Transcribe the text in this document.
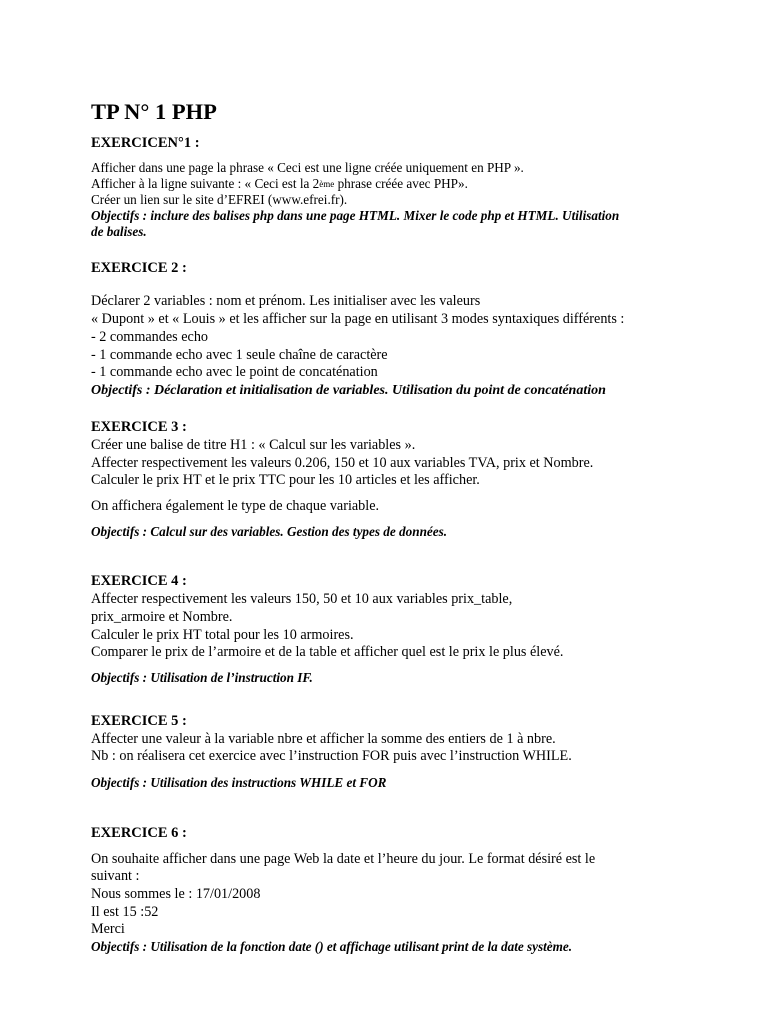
TP N° 1 PHP
EXERCICEN°1 :
Afficher dans une page la phrase « Ceci est une ligne créée uniquement en PHP ».
Afficher à la ligne suivante : « Ceci est la 2ème phrase créée avec PHP».
Créer un lien sur le site d’EFREI (www.efrei.fr).
Objectifs : inclure des balises php dans une page HTML. Mixer le code php et HTML. Utilisation
de balises.
EXERCICE 2 :
Déclarer 2 variables : nom et prénom. Les initialiser avec les valeurs
« Dupont » et « Louis » et les afficher sur la page en utilisant 3 modes syntaxiques différents :
- 2 commandes echo
- 1 commande echo avec 1 seule chaîne de caractère
- 1 commande echo avec le point de concaténation
Objectifs : Déclaration et initialisation de variables. Utilisation du point de concaténation
EXERCICE 3 :
Créer une balise de titre H1 : « Calcul sur les variables ».
Affecter respectivement les valeurs 0.206, 150 et 10 aux variables TVA, prix et Nombre.
Calculer le prix HT et le prix TTC pour les 10 articles et les afficher.
On affichera également le type de chaque variable.
Objectifs : Calcul sur des variables. Gestion des types de données.
EXERCICE 4 :
Affecter respectivement les valeurs 150, 50 et 10 aux variables prix_table,
prix_armoire et Nombre.
Calculer le prix HT total pour les 10 armoires.
Comparer le prix de l’armoire et de la table et afficher quel est le prix le plus élevé.
Objectifs : Utilisation de l’instruction IF.
EXERCICE 5 :
Affecter une valeur à la variable nbre et afficher la somme des entiers de 1 à nbre.
Nb : on réalisera cet exercice avec l’instruction FOR puis avec l’instruction WHILE.
Objectifs : Utilisation des instructions WHILE et FOR
EXERCICE 6 :
On souhaite afficher dans une page Web la date et l’heure du jour. Le format désiré est le
suivant :
Nous sommes le : 17/01/2008
Il est 15 :52
Merci
Objectifs : Utilisation de la fonction date () et affichage utilisant print de la date système.
